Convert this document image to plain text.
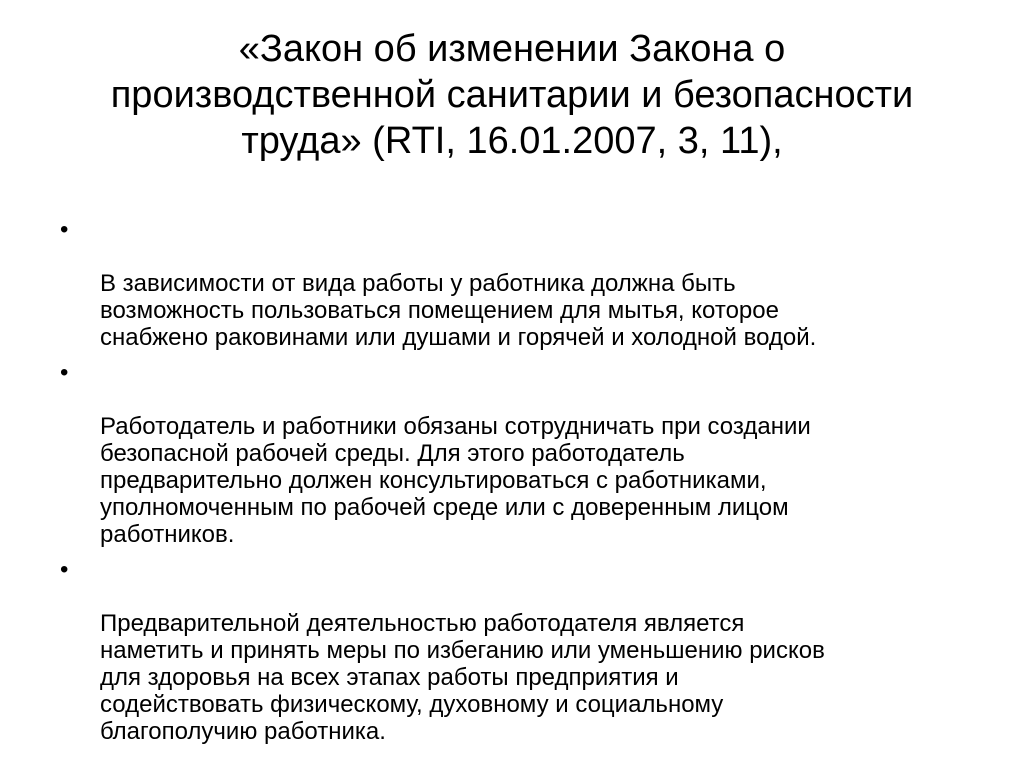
«Закон об изменении Закона о
производственной санитарии и безопасности
труда» (RTI, 16.01.2007, 3, 11),

•

В зависимости от вида работы у работника должна быть
возможность пользоваться помещением для мытья, которое
снабжено раковинами или душами и горячей и холодной водой.

•

Работодатель и работники обязаны сотрудничать при создании
безопасной рабочей среды. Для этого работодатель
предварительно должен консультироваться с работниками,
уполномоченным по рабочей среде или с доверенным лицом
работников.

•

Предварительной деятельностью работодателя является
наметить и принять меры по избеганию или уменьшению рисков
для здоровья на всех этапах работы предприятия и
содействовать физическому, духовному и социальному
благополучию работника.
